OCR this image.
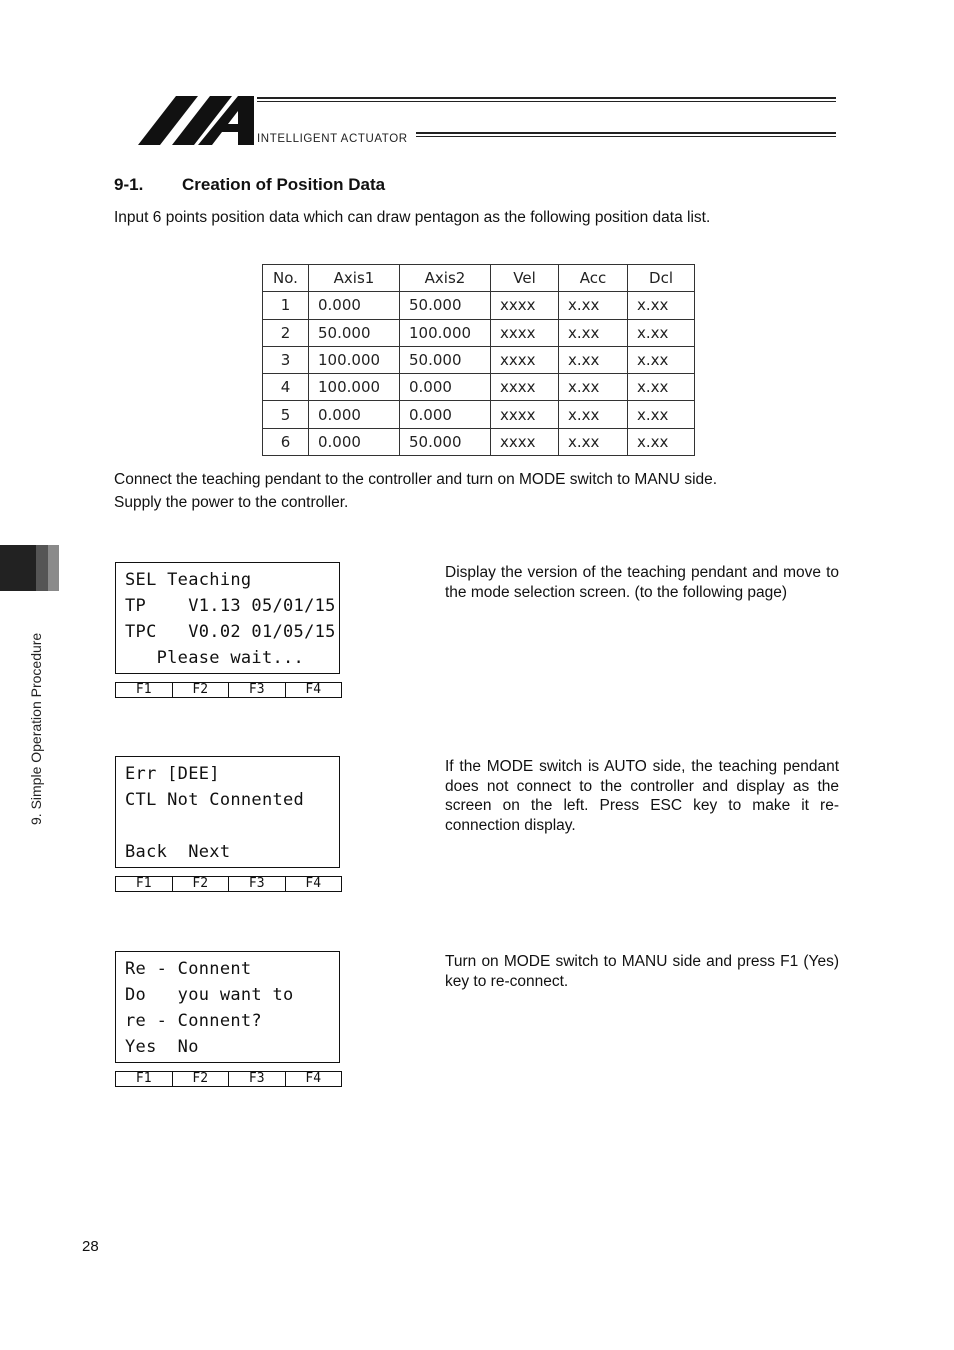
INTELLIGENT ACTUATOR
9-1. Creation of Position Data
Input 6 points position data which can draw pentagon as the following position data list.
No.	Axis1	Axis2	Vel	Acc	Dcl
1	0.000	50.000	xxxx	x.xx	x.xx
2	50.000	100.000	xxxx	x.xx	x.xx
3	100.000	50.000	xxxx	x.xx	x.xx
4	100.000	0.000	xxxx	x.xx	x.xx
5	0.000	0.000	xxxx	x.xx	x.xx
6	0.000	50.000	xxxx	x.xx	x.xx
Connect the teaching pendant to the controller and turn on MODE switch to MANU side.
Supply the power to the controller.
9. Simple Operation Procedure
SEL Teaching
TP    V1.13 05/01/15
TPC   V0.02 01/05/15
Please wait...
F1	F2	F3	F4
Display the version of the teaching pendant and move to the mode selection screen. (to the following page)
Err [DEE]
CTL Not Connented
Back  Next
F1	F2	F3	F4
If the MODE switch is AUTO side, the teaching pendant does not connect to the controller and display as the screen on the left. Press ESC key to make it re-connection display.
Re - Connent
Do   you want to
re - Connent?
Yes  No
F1	F2	F3	F4
Turn on MODE switch to MANU side and press F1 (Yes) key to re-connect.
28
